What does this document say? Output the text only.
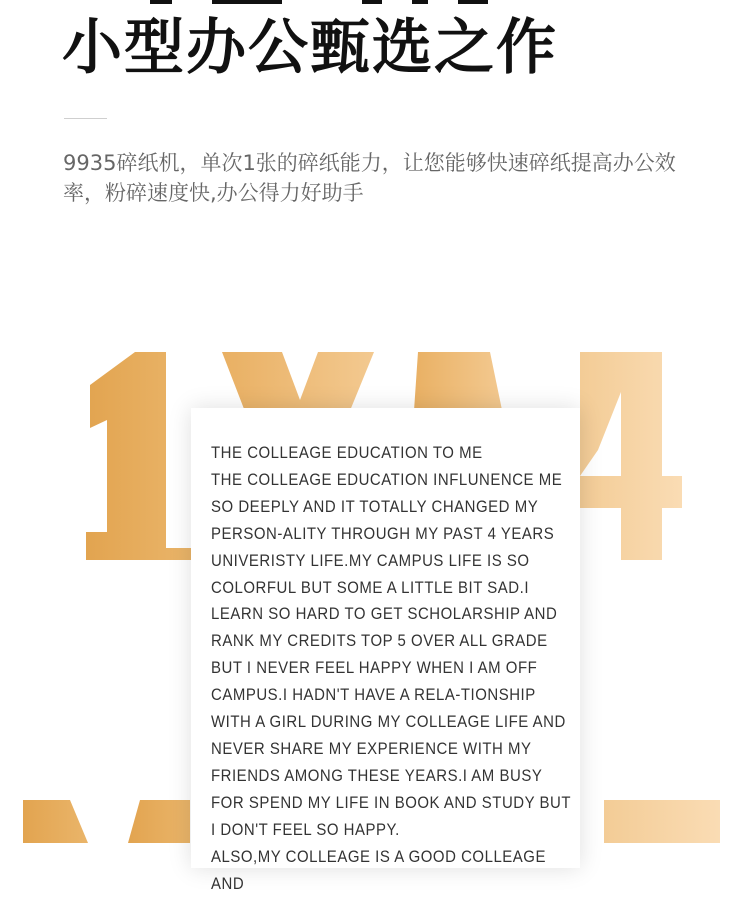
小型办公甄选之作
9935碎纸机，单次1张的碎纸能力，让您能够快速碎纸提高办公效率，粉碎速度快,办公得力好助手

THE COLLEAGE EDUCATION TO ME

THE COLLEAGE EDUCATION INFLUNENCE ME SO DEEPLY AND IT TOTALLY CHANGED MY PERSON-ALITY THROUGH MY PAST 4 YEARS UNIVERISTY LIFE.MY CAMPUS LIFE IS SO COLORFUL BUT SOME A LITTLE BIT SAD.I LEARN SO HARD TO GET SCHOLARSHIP AND RANK MY CREDITS TOP 5 OVER ALL GRADE BUT I NEVER FEEL HAPPY WHEN I AM OFF CAMPUS.I HADN'T HAVE A RELA-TIONSHIP WITH A GIRL DURING MY COLLEAGE LIFE AND NEVER SHARE MY EXPERIENCE WITH MY FRIENDS AMONG THESE YEARS.I AM BUSY FOR SPEND MY LIFE IN BOOK AND STUDY BUT I DON'T FEEL SO HAPPY.

ALSO,MY COLLEAGE IS A GOOD COLLEAGE AND
